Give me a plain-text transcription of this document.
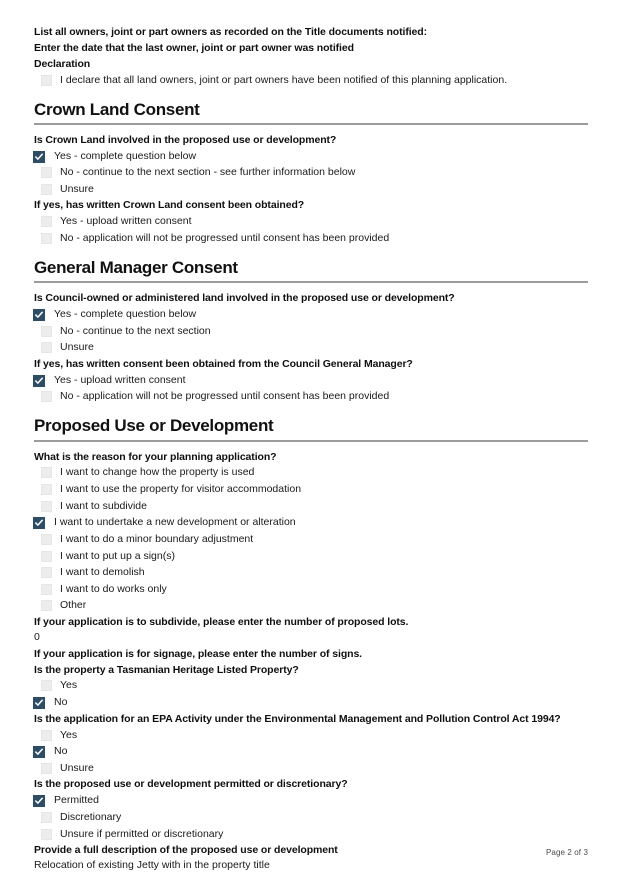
List all owners, joint or part owners as recorded on the Title documents notified:

Enter the date that the last owner, joint or part owner was notified

Declaration

I declare that all land owners, joint or part owners have been notified of this planning application.
Crown Land Consent

Is Crown Land involved in the proposed use or development?

Yes - complete question below
No - continue to the next section - see further information below
Unsure

If yes, has written Crown Land consent been obtained?

Yes - upload written consent
No - application will not be progressed until consent has been provided
General Manager Consent

Is Council-owned or administered land involved in the proposed use or development?

Yes - complete question below
No - continue to the next section
Unsure

If yes, has written consent been obtained from the Council General Manager?

Yes - upload written consent
No - application will not be progressed until consent has been provided
Proposed Use or Development

What is the reason for your planning application?

I want to change how the property is used
I want to use the property for visitor accommodation
I want to subdivide
I want to undertake a new development or alteration
I want to do a minor boundary adjustment
I want to put up a sign(s)
I want to demolish
I want to do works only
Other

If your application is to subdivide, please enter the number of proposed lots.

0

If your application is for signage, please enter the number of signs.

Is the property a Tasmanian Heritage Listed Property?

Yes
No

Is the application for an EPA Activity under the Environmental Management and Pollution Control Act 1994?

Yes
No
Unsure

Is the proposed use or development permitted or discretionary?

Permitted
Discretionary
Unsure if permitted or discretionary

Provide a full description of the proposed use or development

Relocation of existing Jetty with in the property title

Page 2 of 3
